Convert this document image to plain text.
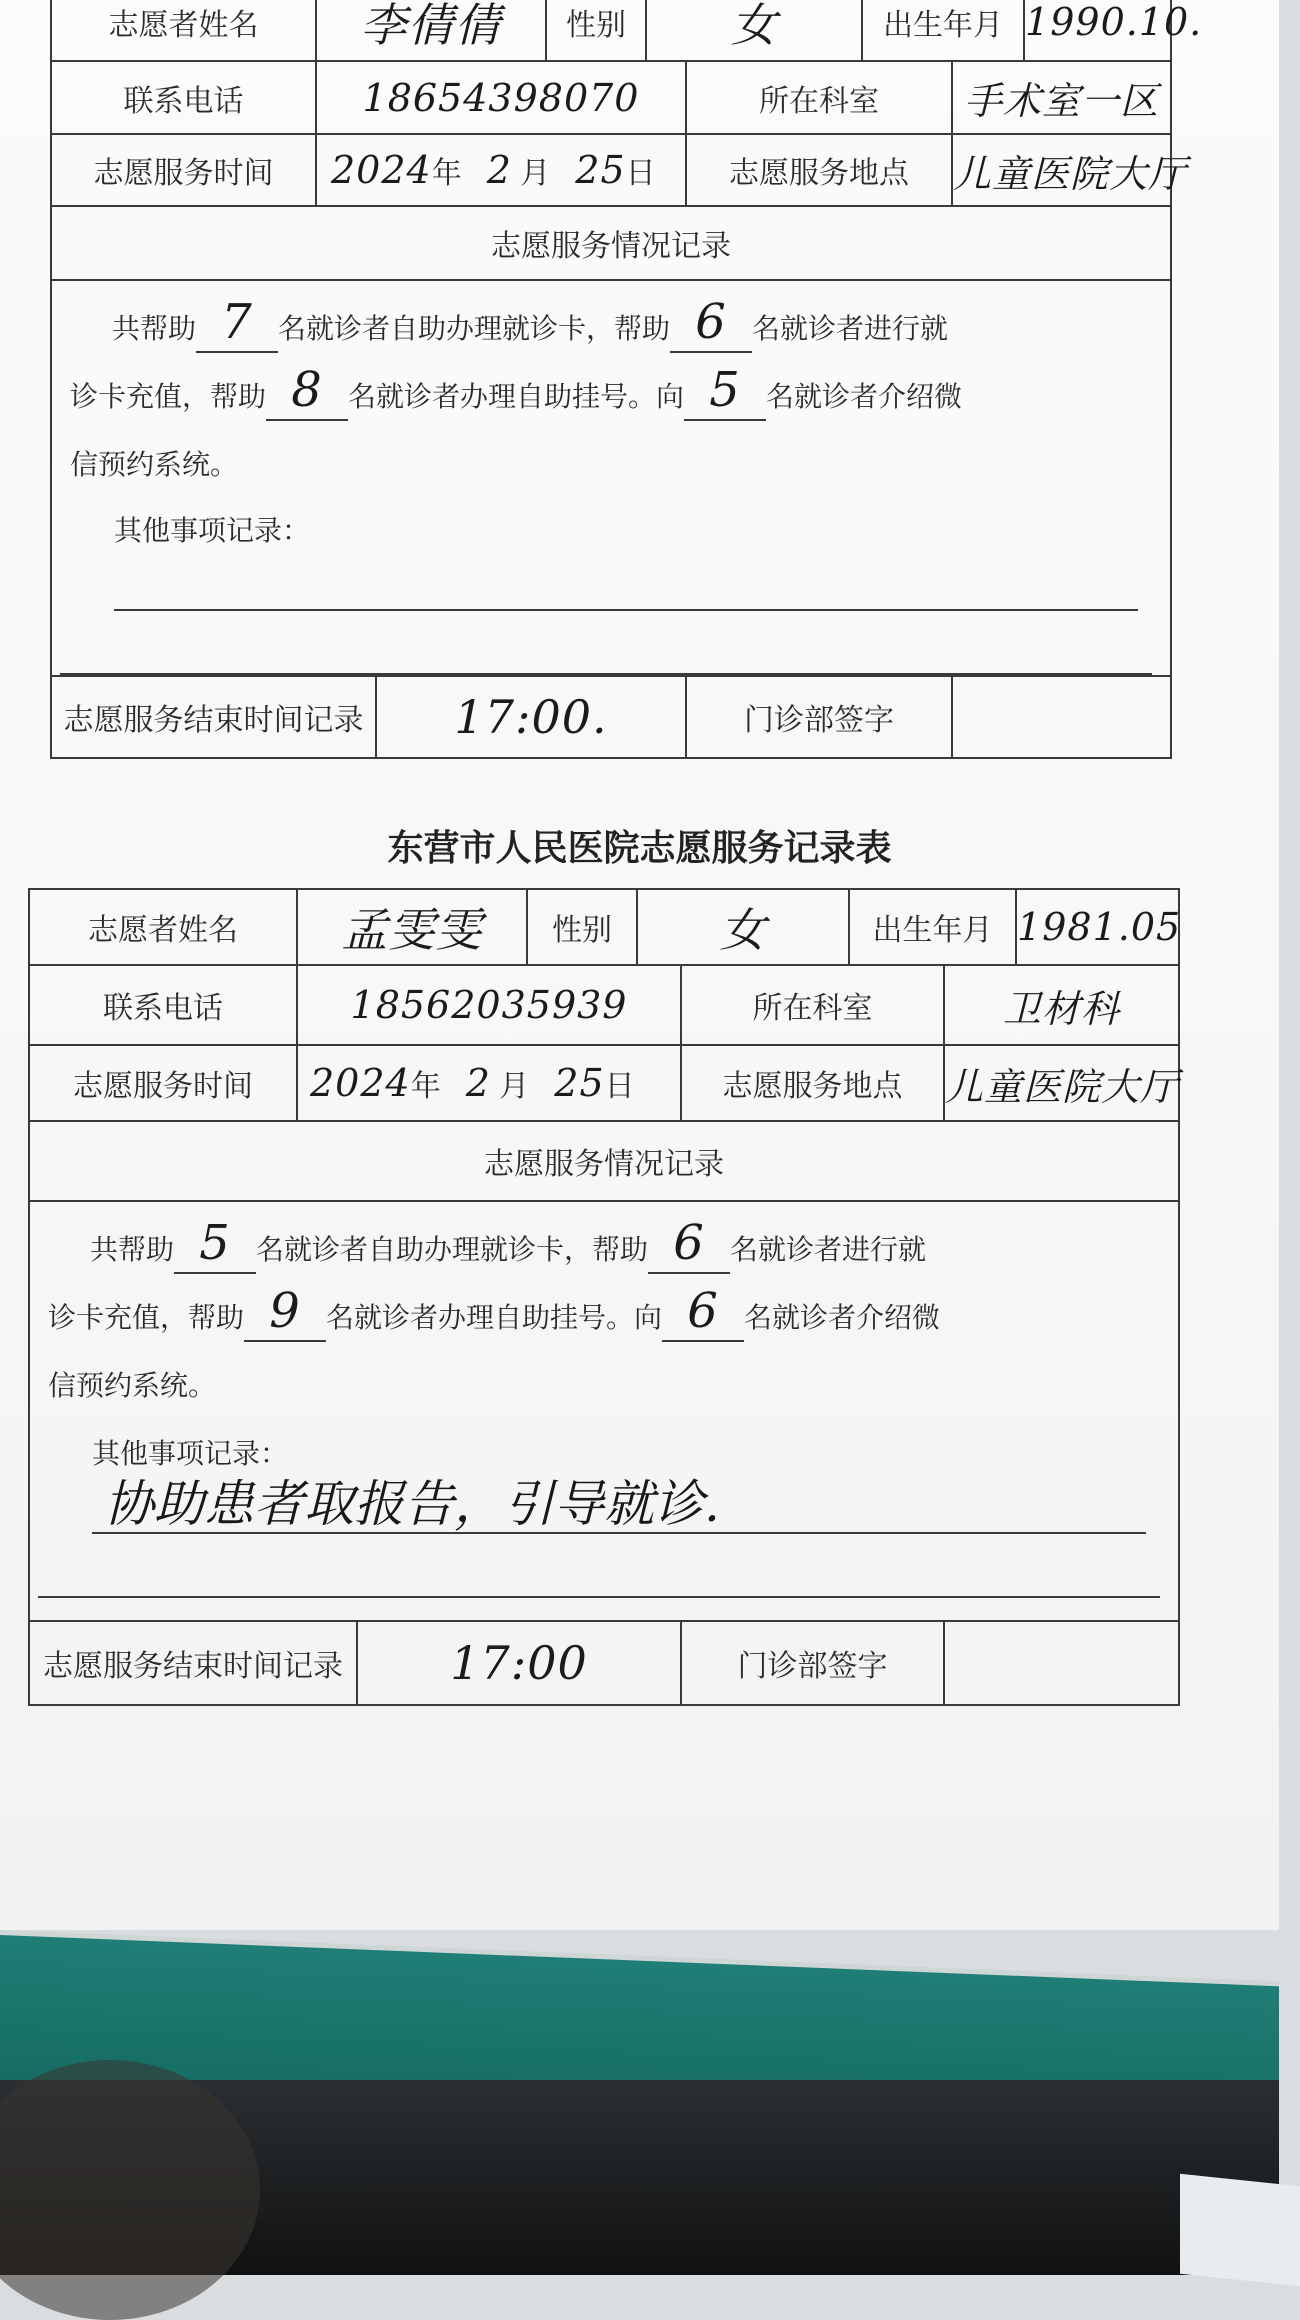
志愿者姓名	李倩倩		性别	女		出生年月		1990.10.
联系电话	18654398070				所在科室		手术室一区	
志愿服务时间	2024年 2 月 25日				志愿服务地点		儿童医院大厅	
志愿服务情况记录								

共帮助 7 名就诊者自助办理就诊卡，帮助 6 名就诊者进行就
诊卡充值，帮助 8 名就诊者办理自助挂号。向 5 名就诊者介绍微
信预约系统。
其他事项记录：								

志愿服务结束时间记录		17:00.			门诊部签字			
东营市人民医院志愿服务记录表
志愿者姓名	孟雯雯		性别	女		出生年月		1981.05
联系电话	18562035939				所在科室		卫材科	
志愿服务时间	2024年 2 月 25日				志愿服务地点		儿童医院大厅	
志愿服务情况记录								

共帮助 5 名就诊者自助办理就诊卡，帮助 6 名就诊者进行就
诊卡充值，帮助 9 名就诊者办理自助挂号。向 6 名就诊者介绍微
信预约系统。
其他事项记录：
协助患者取报告，引导就诊.								

志愿服务结束时间记录		17:00			门诊部签字			
